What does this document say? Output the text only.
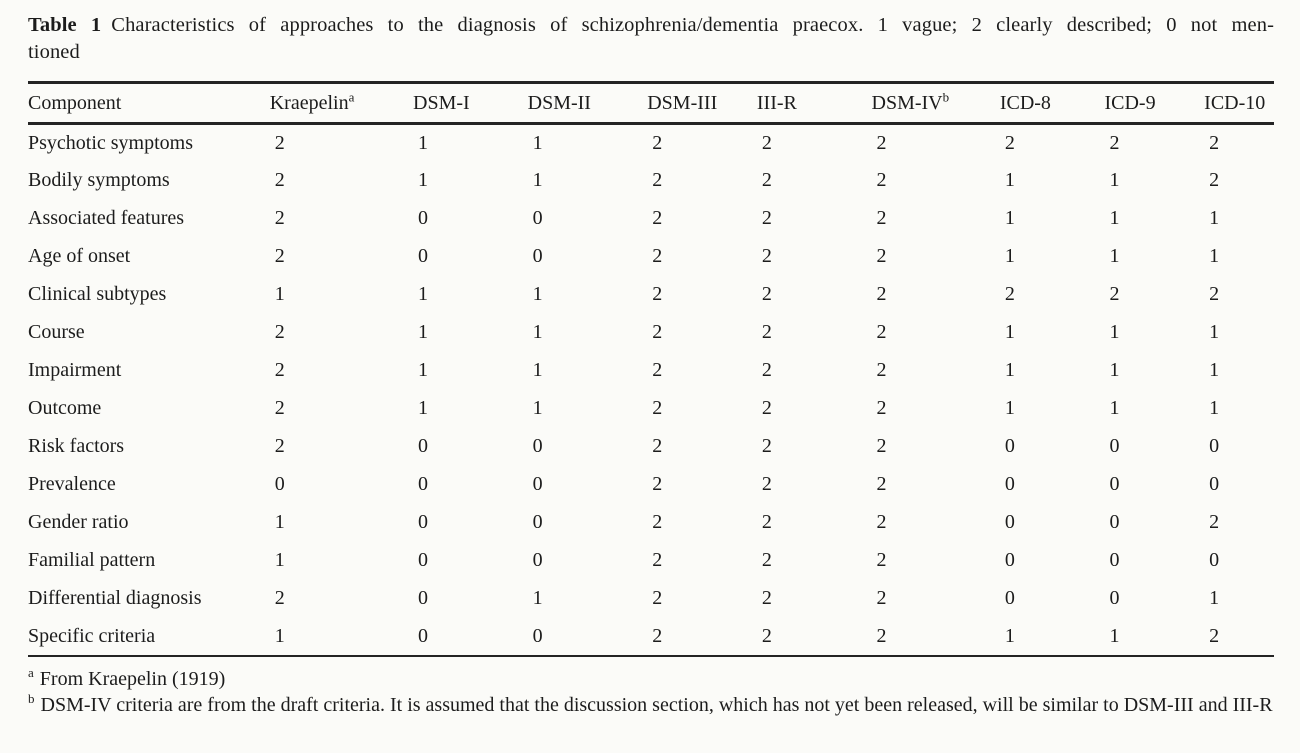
Table 1 Characteristics of approaches to the diagnosis of schizophrenia/dementia praecox. 1 vague; 2 clearly described; 0 not men-
tioned

Component	Kraepelin$^a$	DSM-I	DSM-II	DSM-III	III-R	DSM-$IV^b$	ICD-8	ICD-9	ICD-10
Psychotic symptoms	2	1	1	2	2	2	2	2	2
Bodily symptoms	2	1	1	2	2	2	1	1	2
Associated features	2	0	0	2	2	2	1	1	1
Age of onset	2	0	0	2	2	2	1	1	1
Clinical subtypes	1	1	1	2	2	2	2	2	2
Course	2	1	1	2	2	2	1	1	1
Impairment	2	1	1	2	2	2	1	1	1
Outcome	2	1	1	2	2	2	1	1	1
Risk factors	2	0	0	2	2	2	0	0	0
Prevalence	0	0	0	2	2	2	0	0	0
Gender ratio	1	0	0	2	2	2	0	0	2
Familial pattern	1	0	0	2	2	2	0	0	0
Differential diagnosis	2	0	1	2	2	2	0	0	1
Specific criteria	1	0	0	2	2	2	1	1	2

$^a$ From Kraepelin (1919)

$^b$ DSM-IV criteria are from the draft criteria. It is assumed that the discussion section, which has not yet been released, will be similar to DSM-III and III-R
